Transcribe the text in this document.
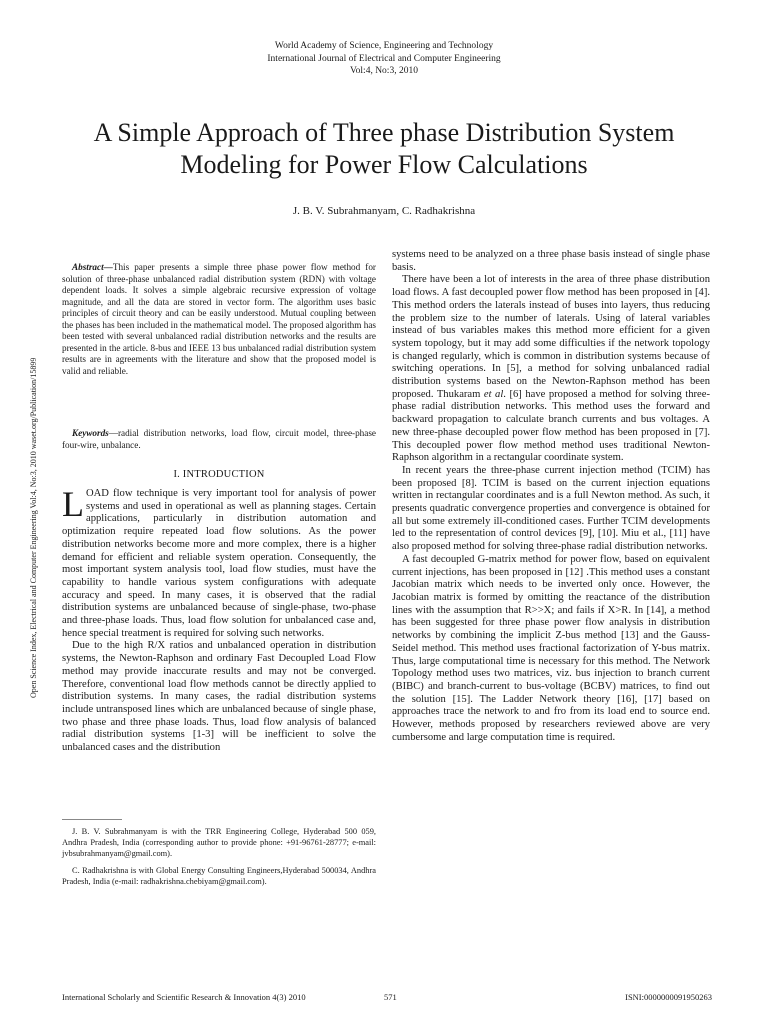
World Academy of Science, Engineering and Technology
International Journal of Electrical and Computer Engineering
Vol:4, No:3, 2010
A Simple Approach of Three phase Distribution System Modeling for Power Flow Calculations
J. B. V. Subrahmanyam, C. Radhakrishna
Open Science Index, Electrical and Computer Engineering Vol:4, No:3, 2010 waset.org/Publication/15899

Abstract—This paper presents a simple three phase power flow method for solution of three-phase unbalanced radial distribution system (RDN) with voltage dependent loads. It solves a simple algebraic recursive expression of voltage magnitude, and all the data are stored in vector form. The algorithm uses basic principles of circuit theory and can be easily understood. Mutual coupling between the phases has been included in the mathematical model. The proposed algorithm has been tested with several unbalanced radial distribution networks and the results are presented in the article. 8-bus and IEEE 13 bus unbalanced radial distribution system results are in agreements with the literature and show that the proposed model is valid and reliable.

Keywords—radial distribution networks, load flow, circuit model, three-phase four-wire, unbalance.

I. INTRODUCTION

LOAD flow technique is very important tool for analysis of power systems and used in operational as well as planning stages. Certain applications, particularly in distribution automation and optimization require repeated load flow solutions. As the power distribution networks become more and more complex, there is a higher demand for efficient and reliable system operation. Consequently, the most important system analysis tool, load flow studies, must have the capability to handle various system configurations with adequate accuracy and speed. In many cases, it is observed that the radial distribution systems are unbalanced because of single-phase, two-phase and three-phase loads. Thus, load flow solution for unbalanced case and, hence special treatment is required for solving such networks.

Due to the high R/X ratios and unbalanced operation in distribution systems, the Newton-Raphson and ordinary Fast Decoupled Load Flow method may provide inaccurate results and may not be converged. Therefore, conventional load flow methods cannot be directly applied to distribution systems. In many cases, the radial distribution systems include untransposed lines which are unbalanced because of single phase, two phase and three phase loads. Thus, load flow analysis of balanced radial distribution systems [1-3] will be inefficient to solve the unbalanced cases and the distribution

J. B. V. Subrahmanyam is with the TRR Engineering College, Hyderabad 500 059, Andhra Pradesh, India (corresponding author to provide phone: +91-96761-28777; e-mail: jvbsubrahmanyam@gmail.com).

C. Radhakrishna is with Global Energy Consulting Engineers,Hyderabad 500034, Andhra Pradesh, India (e-mail: radhakrishna.chebiyam@gmail.com).

systems need to be analyzed on a three phase basis instead of single phase basis.

There have been a lot of interests in the area of three phase distribution load flows. A fast decoupled power flow method has been proposed in [4]. This method orders the laterals instead of buses into layers, thus reducing the problem size to the number of laterals. Using of lateral variables instead of bus variables makes this method more efficient for a given system topology, but it may add some difficulties if the network topology is changed regularly, which is common in distribution systems because of switching operations. In [5], a method for solving unbalanced radial distribution systems based on the Newton-Raphson method has been proposed. Thukaram et al. [6] have proposed a method for solving three-phase radial distribution networks. This method uses the forward and backward propagation to calculate branch currents and bus voltages. A new three-phase decoupled power flow method has been proposed in [7]. This decoupled power flow method method uses traditional Newton-Raphson algorithm in a rectangular coordinate system.

In recent years the three-phase current injection method (TCIM) has been proposed [8]. TCIM is based on the current injection equations written in rectangular coordinates and is a full Newton method. As such, it presents quadratic convergence properties and convergence is obtained for all but some extremely ill-conditioned cases. Further TCIM developments led to the representation of control devices [9], [10]. Miu et al., [11] have also proposed method for solving three-phase radial distribution networks.

A fast decoupled G-matrix method for power flow, based on equivalent current injections, has been proposed in [12] .This method uses a constant Jacobian matrix which needs to be inverted only once. However, the Jacobian matrix is formed by omitting the reactance of the distribution lines with the assumption that R>>X; and fails if X>R. In [14], a method has been suggested for three phase power flow analysis in distribution networks by combining the implicit Z-bus method [13] and the Gauss-Seidel method. This method uses fractional factorization of Y-bus matrix. Thus, large computational time is necessary for this method. The Network Topology method uses two matrices, viz. bus injection to branch current (BIBC) and branch-current to bus-voltage (BCBV) matrices, to find out the solution [15]. The Ladder Network theory [16], [17] based on approaches trace the network to and fro from its load end to source end. However, methods proposed by researchers reviewed above are very cumbersome and large computation time is required.

International Scholarly and Scientific Research & Innovation 4(3) 2010	571	ISNI:0000000091950263
